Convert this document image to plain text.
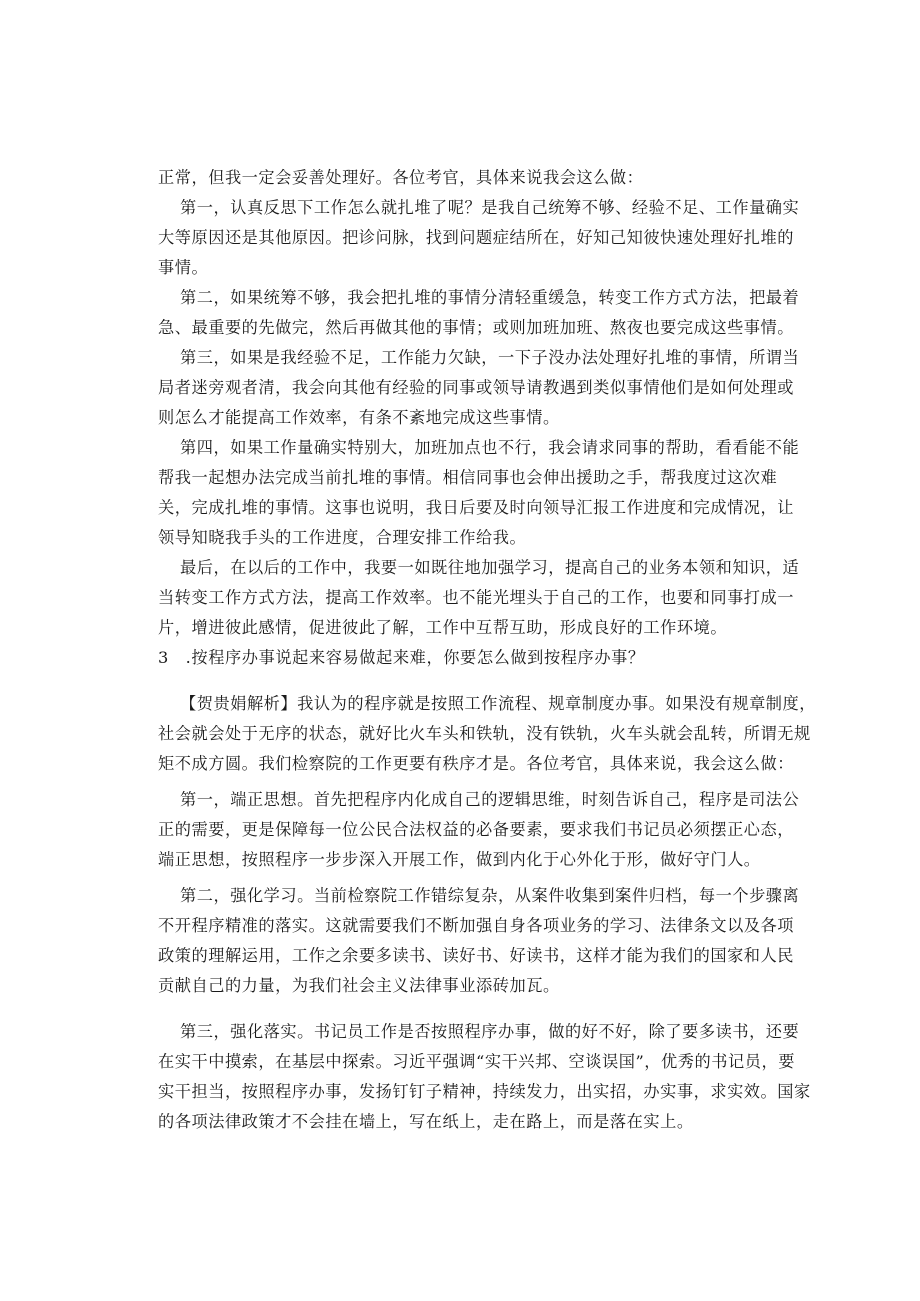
正常，但我一定会妥善处理好。各位考官，具体来说我会这么做：
第一，认真反思下工作怎么就扎堆了呢？是我自己统筹不够、经验不足、工作量确实
大等原因还是其他原因。把诊问脉，找到问题症结所在，好知己知彼快速处理好扎堆的
事情。
第二，如果统筹不够，我会把扎堆的事情分清轻重缓急，转变工作方式方法，把最着
急、最重要的先做完，然后再做其他的事情；或则加班加班、熬夜也要完成这些事情。
第三，如果是我经验不足，工作能力欠缺，一下子没办法处理好扎堆的事情，所谓当
局者迷旁观者清，我会向其他有经验的同事或领导请教遇到类似事情他们是如何处理或
则怎么才能提高工作效率，有条不紊地完成这些事情。
第四，如果工作量确实特别大，加班加点也不行，我会请求同事的帮助，看看能不能
帮我一起想办法完成当前扎堆的事情。相信同事也会伸出援助之手，帮我度过这次难
关，完成扎堆的事情。这事也说明，我日后要及时向领导汇报工作进度和完成情况，让
领导知晓我手头的工作进度，合理安排工作给我。
最后，在以后的工作中，我要一如既往地加强学习，提高自己的业务本领和知识，适
当转变工作方式方法，提高工作效率。也不能光埋头于自己的工作，也要和同事打成一
片，增进彼此感情，促进彼此了解，工作中互帮互助，形成良好的工作环境。
3　.按程序办事说起来容易做起来难，你要怎么做到按程序办事？
【贺贵娟解析】我认为的程序就是按照工作流程、规章制度办事。如果没有规章制度，
社会就会处于无序的状态，就好比火车头和铁轨，没有铁轨，火车头就会乱转，所谓无规
矩不成方圆。我们检察院的工作更要有秩序才是。各位考官，具体来说，我会这么做：
第一，端正思想。首先把程序内化成自己的逻辑思维，时刻告诉自己，程序是司法公
正的需要，更是保障每一位公民合法权益的必备要素，要求我们书记员必须摆正心态，
端正思想，按照程序一步步深入开展工作，做到内化于心外化于形，做好守门人。
第二，强化学习。当前检察院工作错综复杂，从案件收集到案件归档，每一个步骤离
不开程序精准的落实。这就需要我们不断加强自身各项业务的学习、法律条文以及各项
政策的理解运用，工作之余要多读书、读好书、好读书，这样才能为我们的国家和人民
贡献自己的力量，为我们社会主义法律事业添砖加瓦。
第三，强化落实。书记员工作是否按照程序办事，做的好不好，除了要多读书，还要
在实干中摸索，在基层中探索。习近平强调“实干兴邦、空谈误国”，优秀的书记员，要
实干担当，按照程序办事，发扬钉钉子精神，持续发力，出实招，办实事，求实效。国家
的各项法律政策才不会挂在墙上，写在纸上，走在路上，而是落在实上。
